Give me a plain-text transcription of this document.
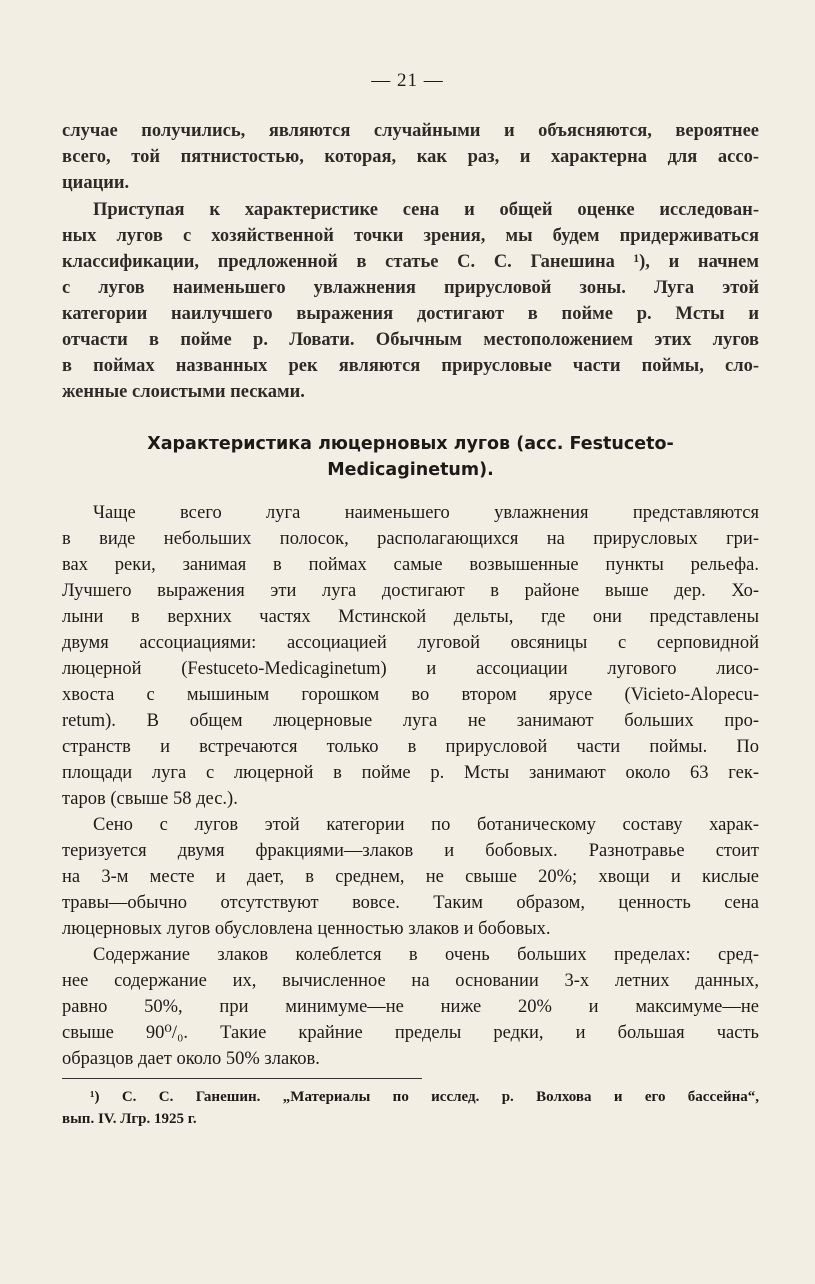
— 21 —
случае получились, являются случайными и объясняются, вероятнее
всего, той пятнистостью, которая, как раз, и характерна для ассо-
циации.
Приступая к характеристике сена и общей оценке исследован-
ных лугов с хозяйственной точки зрения, мы будем придерживаться
классификации, предложенной в статье С. С. Ганешина ¹), и начнем
с лугов наименьшего увлажнения прирусловой зоны. Луга этой
категории наилучшего выражения достигают в пойме р. Мсты и
отчасти в пойме р. Ловати. Обычным местоположением этих лугов
в поймах названных рек являются прирусловые части поймы, сло-
женные слоистыми песками.
Характеристика люцерновых лугов (асс. Festuceto-
Medicaginetum).
Чаще всего луга наименьшего увлажнения представляются
в виде небольших полосок, располагающихся на прирусловых гри-
вах реки, занимая в поймах самые возвышенные пункты рельефа.
Лучшего выражения эти луга достигают в районе выше дер. Хо-
лыни в верхних частях Мстинской дельты, где они представлены
двумя ассоциациями: ассоциацией луговой овсяницы с серповидной
люцерной (Festuceto-Medicaginetum) и ассоциации лугового лисо-
хвоста с мышиным горошком во втором ярусе (Vicieto-Alopecu-
retum). В общем люцерновые луга не занимают больших про-
странств и встречаются только в прирусловой части поймы. По
площади луга с люцерной в пойме р. Мсты занимают около 63 гек-
таров (свыше 58 дес.).
Сено с лугов этой категории по ботаническому составу харак-
теризуется двумя фракциями—злаков и бобовых. Разнотравье стоит
на 3-м месте и дает, в среднем, не свыше 20%; хвощи и кислые
травы—обычно отсутствуют вовсе. Таким образом, ценность сена
люцерновых лугов обусловлена ценностью злаков и бобовых.
Содержание злаков колеблется в очень больших пределах: сред-
нее содержание их, вычисленное на основании 3-х летних данных,
равно 50%, при минимуме—не ниже 20% и максимуме—не
свыше 90⁰/₀. Такие крайние пределы редки, и большая часть
образцов дает около 50% злаков.
¹) С. С. Ганешин. „Материалы по исслед. р. Волхова и его бассейна“,
вып. IV. Лгр. 1925 г.
